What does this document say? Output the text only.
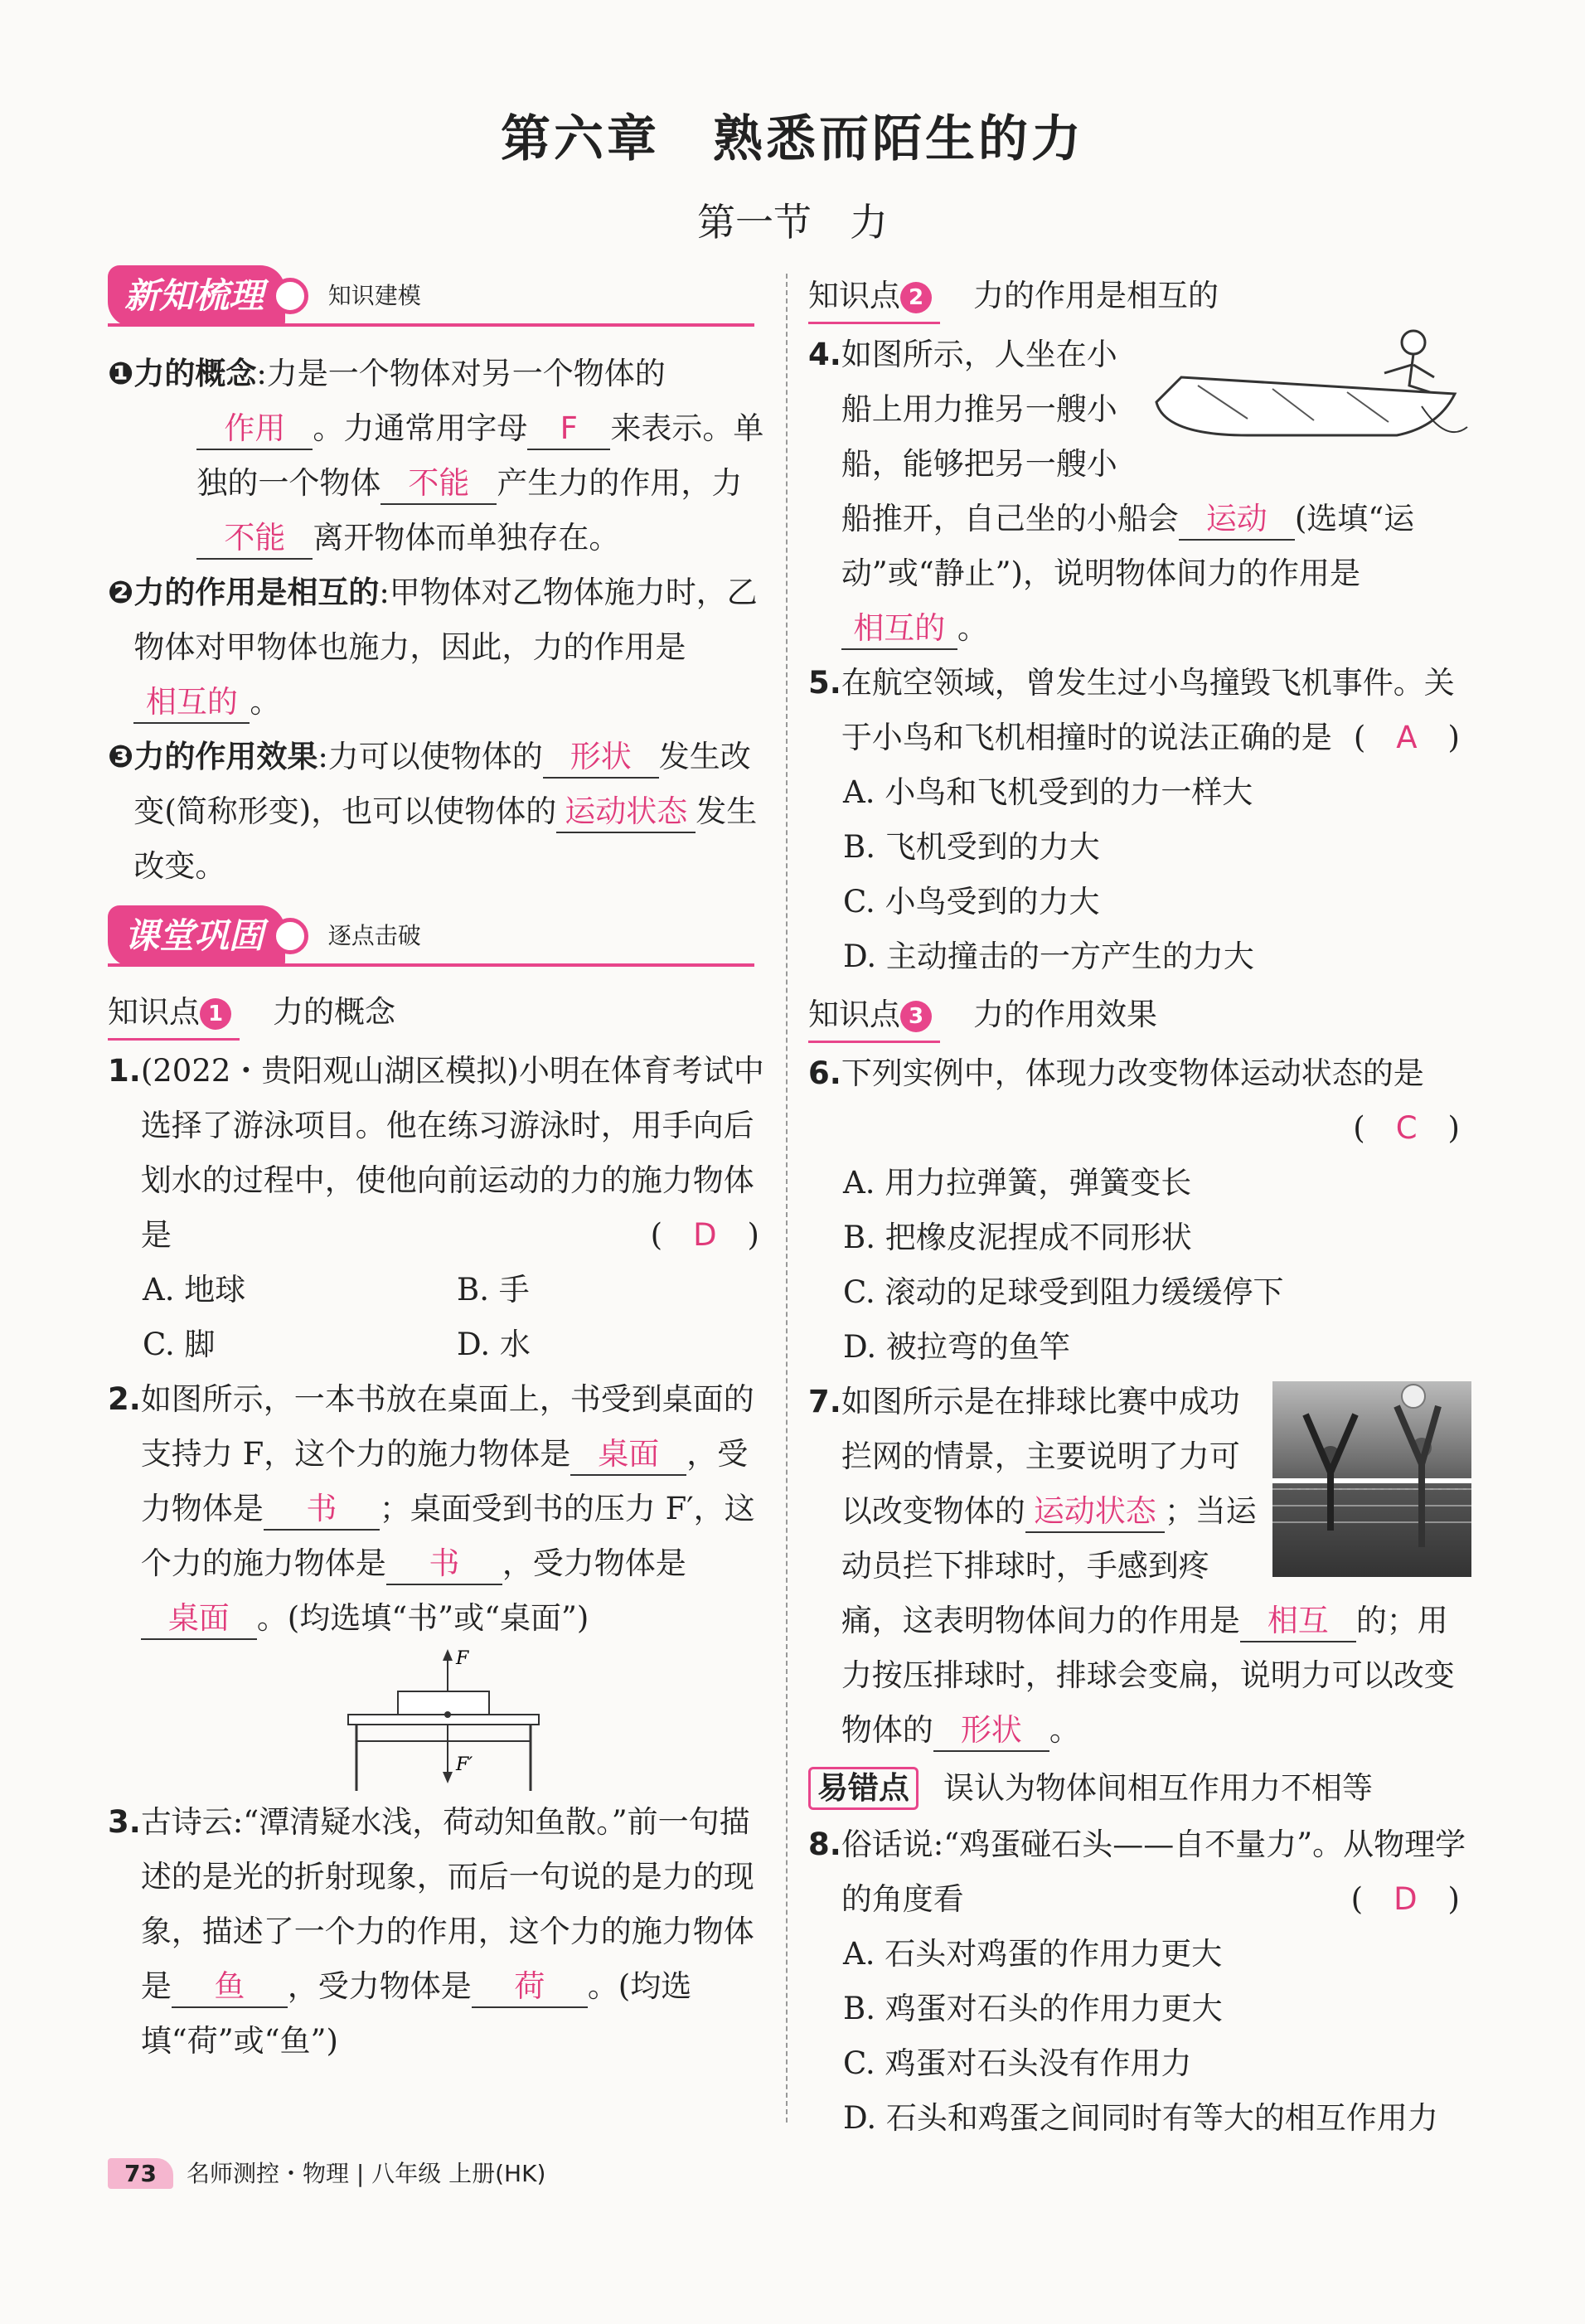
第六章　熟悉而陌生的力
第一节　力
新知梳理	知识建模
❶ 力的概念:力是一个物体对另一个物体的
作用 。力通常用字母 F 来表示。单独的一个物体 不能 产生力的作用，力不能 离开物体而单独存在。
❷ 力的作用是相互的:甲物体对乙物体施力时，乙物体对甲物体也施力，因此，力的作用是相互的 。
❸ 力的作用效果:力可以使物体的 形状 发生改变(简称形变)，也可以使物体的 运动状态 发生改变。
课堂巩固	逐点击破
知识点 1 力的概念
1. (2022・贵阳观山湖区模拟)小明在体育考试中选择了游泳项目。他在练习游泳时，用手向后划水的过程中，使他向前运动的力的施力物体是	(　D　)
A. 地球	B. 手
C. 脚	D. 水
2. 如图所示，一本书放在桌面上，书受到桌面的支持力 F，这个力的施力物体是 桌面 ，受力物体是 书 ；桌面受到书的压力 F′，这个力的施力物体是 书 ，受力物体是桌面 。(均选填“书”或“桌面”)
F
F′
3. 古诗云:“潭清疑水浅，荷动知鱼散。”前一句描述的是光的折射现象，而后一句说的是力的现象，描述了一个力的作用，这个力的施力物体是 鱼 ，受力物体是 荷 。(均选填“荷”或“鱼”)
知识点 2 力的作用是相互的
4. 如图所示，人坐在小船上用力推另一艘小船，能够把另一艘小船推开，自己坐的小船会 运动 (选填“运动”或“静止”)，说明物体间力的作用是相互的 。
5. 在航空领域，曾发生过小鸟撞毁飞机事件。关于小鸟和飞机相撞时的说法正确的是 (　A　)
A. 小鸟和飞机受到的力一样大
B. 飞机受到的力大
C. 小鸟受到的力大
D. 主动撞击的一方产生的力大
知识点 3 力的作用效果
6. 下列实例中，体现力改变物体运动状态的是
(　C　)
A. 用力拉弹簧，弹簧变长
B. 把橡皮泥捏成不同形状
C. 滚动的足球受到阻力缓缓停下
D. 被拉弯的鱼竿
7. 如图所示是在排球比赛中成功拦网的情景，主要说明了力可以改变物体的 运动状态 ；当运动员拦下排球时，手感到疼痛，这表明物体间力的作用是 相互 的；用力按压排球时，排球会变扁，说明力可以改变物体的 形状 。
易错点 误认为物体间相互作用力不相等
8. 俗话说:“鸡蛋碰石头——自不量力”。从物理学的角度看	(　D　)
A. 石头对鸡蛋的作用力更大
B. 鸡蛋对石头的作用力更大
C. 鸡蛋对石头没有作用力
D. 石头和鸡蛋之间同时有等大的相互作用力
73 名师测控・物理 | 八年级 上册(HK)
